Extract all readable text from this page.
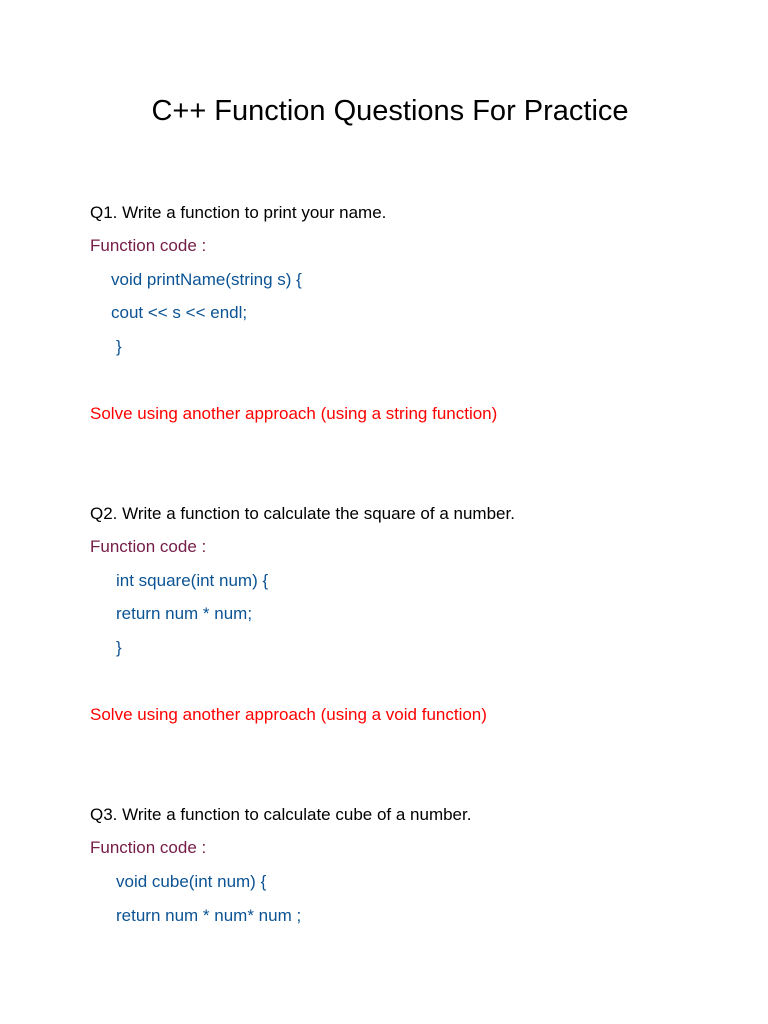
C++ Function Questions For Practice
Q1. Write a function to print your name.
Function code :
void printName(string s) {
cout << s << endl;
}
Solve using another approach (using a string function)
Q2. Write a function to calculate the square of a number.
Function code :
int square(int num) {
return num * num;
}
Solve using another approach (using a void function)
Q3. Write a function to calculate cube of a number.
Function code :
void cube(int num) {
return num * num* num ;
